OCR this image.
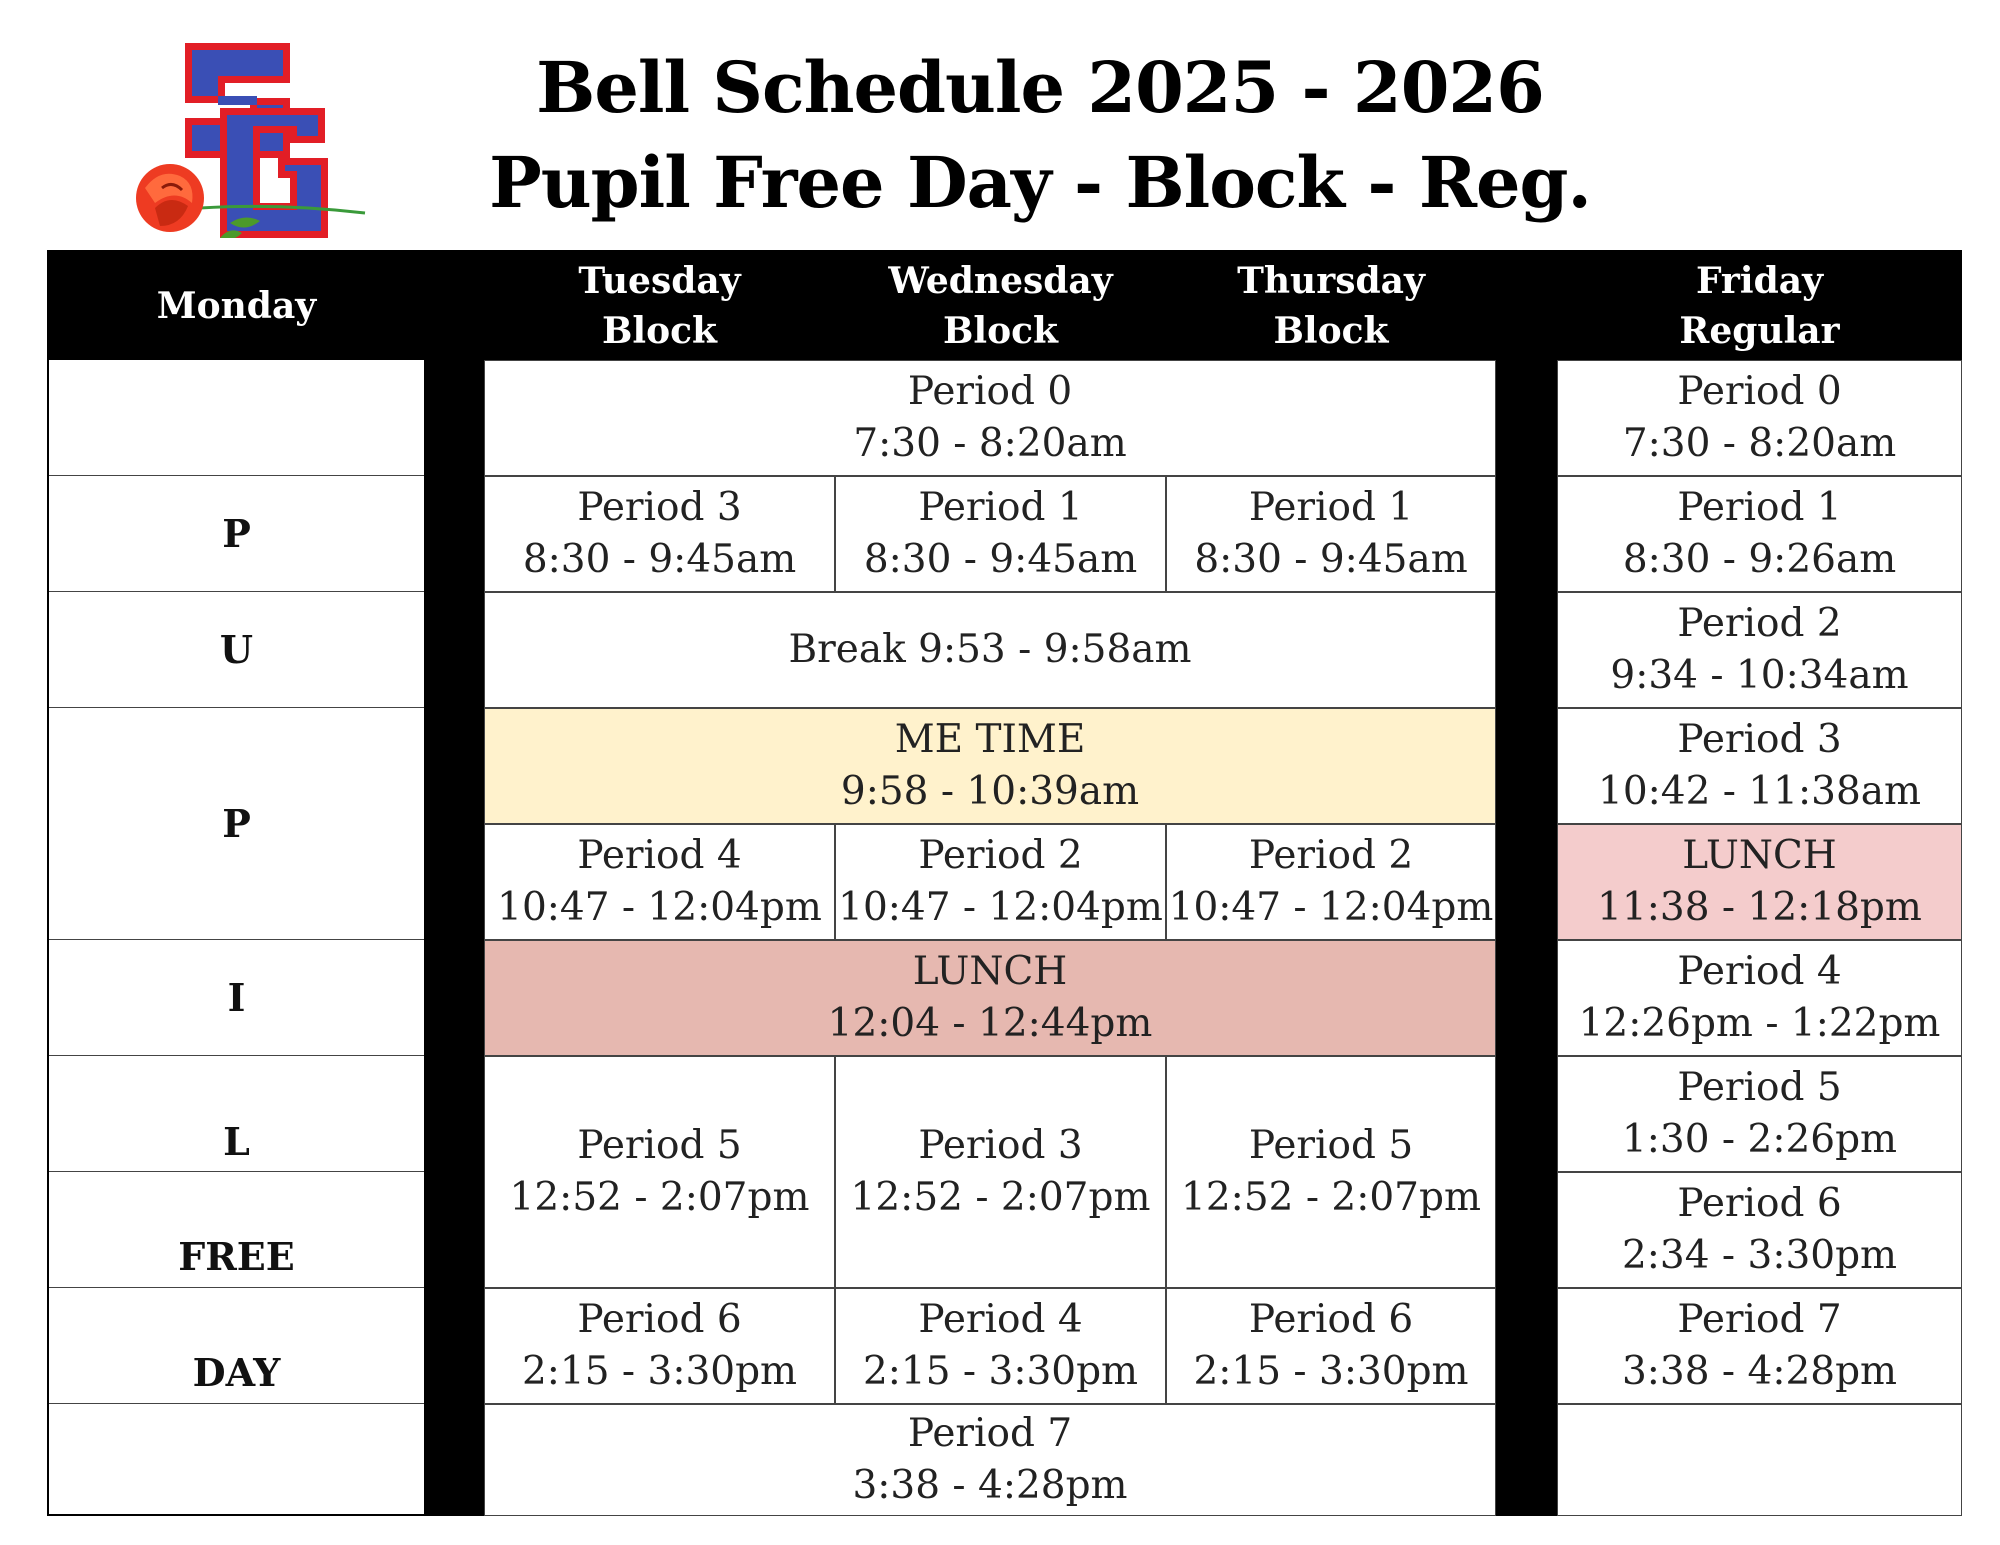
Bell Schedule 2025 - 2026
Pupil Free Day - Block - Reg.
Monday
Tuesday
Block
Wednesday
Block
Thursday
Block
Friday
Regular
P
U
P
I
L
FREE
DAY
Period 0
7:30 - 8:20am
Period 3
8:30 - 9:45am
Period 1
8:30 - 9:45am
Period 1
8:30 - 9:45am
Break 9:53 - 9:58am
ME TIME
9:58 - 10:39am
Period 4
10:47 - 12:04pm
Period 2
10:47 - 12:04pm
Period 2
10:47 - 12:04pm
LUNCH
12:04 - 12:44pm
Period 5
12:52 - 2:07pm
Period 3
12:52 - 2:07pm
Period 5
12:52 - 2:07pm
Period 6
2:15 - 3:30pm
Period 4
2:15 - 3:30pm
Period 6
2:15 - 3:30pm
Period 7
3:38 - 4:28pm
Period 0
7:30 - 8:20am
Period 1
8:30 - 9:26am
Period 2
9:34 - 10:34am
Period 3
10:42 - 11:38am
LUNCH
11:38 - 12:18pm
Period 4
12:26pm - 1:22pm
Period 5
1:30 - 2:26pm
Period 6
2:34 - 3:30pm
Period 7
3:38 - 4:28pm
